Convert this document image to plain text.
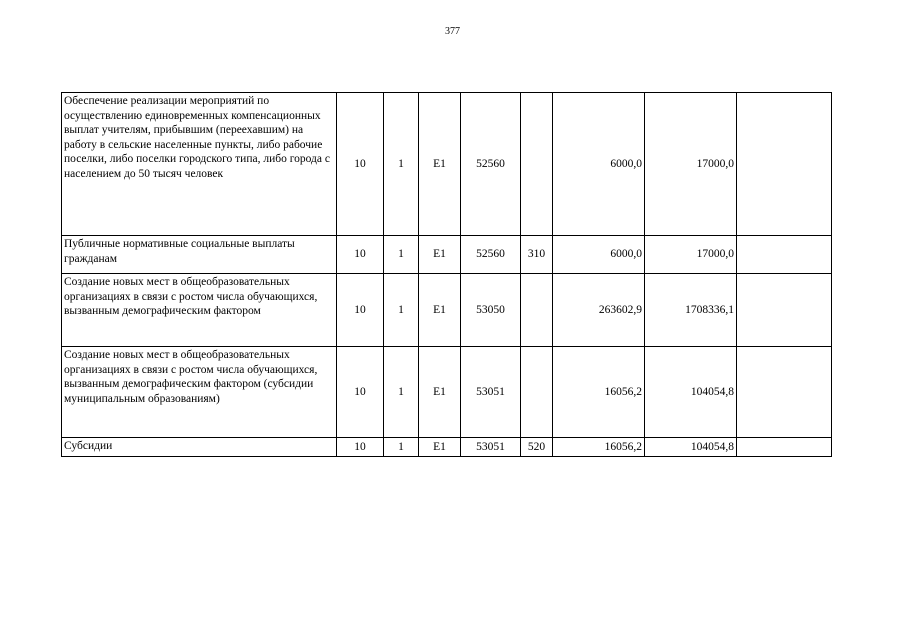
377
Обеспечение реализации мероприятий по осуществлению единовременных компенсационных выплат учителям, прибывшим (переехавшим) на работу в сельские населенные пункты, либо рабочие поселки, либо поселки городского типа, либо города с населением до 50 тысяч человек	10	1	E1	52560		6000,0	17000,0	
Публичные нормативные социальные выплаты гражданам	10	1	E1	52560	310	6000,0	17000,0	
Создание новых мест в общеобразовательных организациях в связи с ростом числа обучающихся, вызванным демографическим фактором	10	1	E1	53050		263602,9	1708336,1	
Создание новых мест в общеобразовательных организациях в связи с ростом числа обучающихся, вызванным демографическим фактором (субсидии муниципальным образованиям)	10	1	E1	53051		16056,2	104054,8	
Субсидии	10	1	E1	53051	520	16056,2	104054,8	
